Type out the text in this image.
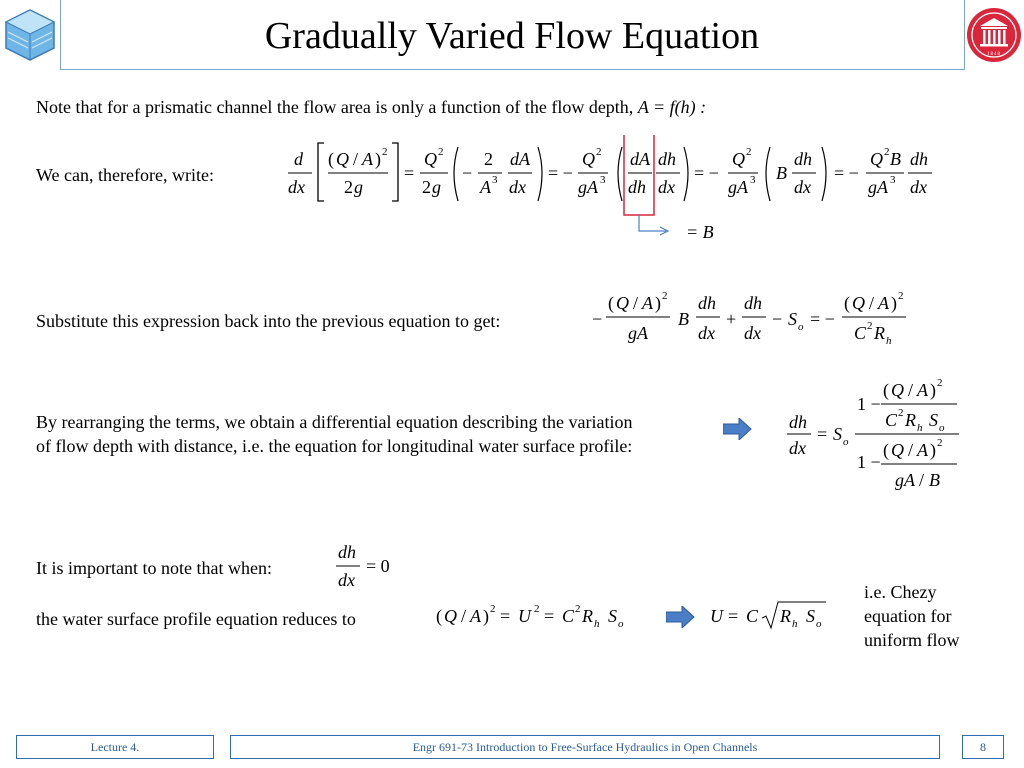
Gradually Varied Flow Equation	1848
Note that for a prismatic channel the flow area is only a function of the flow depth, A = f(h) :
We can, therefore, write:
d
dx
( Q / A ) 2
2 g
=
Q 2
2 g
−
2
A 3
dA
dx
= −
Q 2
gA 3
dA
dh
dh
dx
= −
Q 2
gA 3 B
dh
dx
= −
Q 2 B
gA 3
dh
dx
= B
Substitute this expression back into the previous equation to get:	−
( Q / A ) 2
gA
B
dh
dx
+
dh
dx
− S o = −
( Q / A ) 2
C 2 R h
By rearranging the terms, we obtain a differential equation describing the variation
of flow depth with distance, i.e. the equation for longitudinal water surface profile:
dh
dx
= S o
1 −
( Q / A ) 2
C 2 R h S o
1 −
( Q / A ) 2
gA / B
It is important to note that when:
dh
dx
= 0
the water surface profile equation reduces to	( Q / A ) 2 = U 2 = C 2 R h S o	U = C R h S o
i.e. Chezy
equation for
uniform flow
Lecture 4.	Engr 691-73 Introduction to Free-Surface Hydraulics in Open Channels	8
